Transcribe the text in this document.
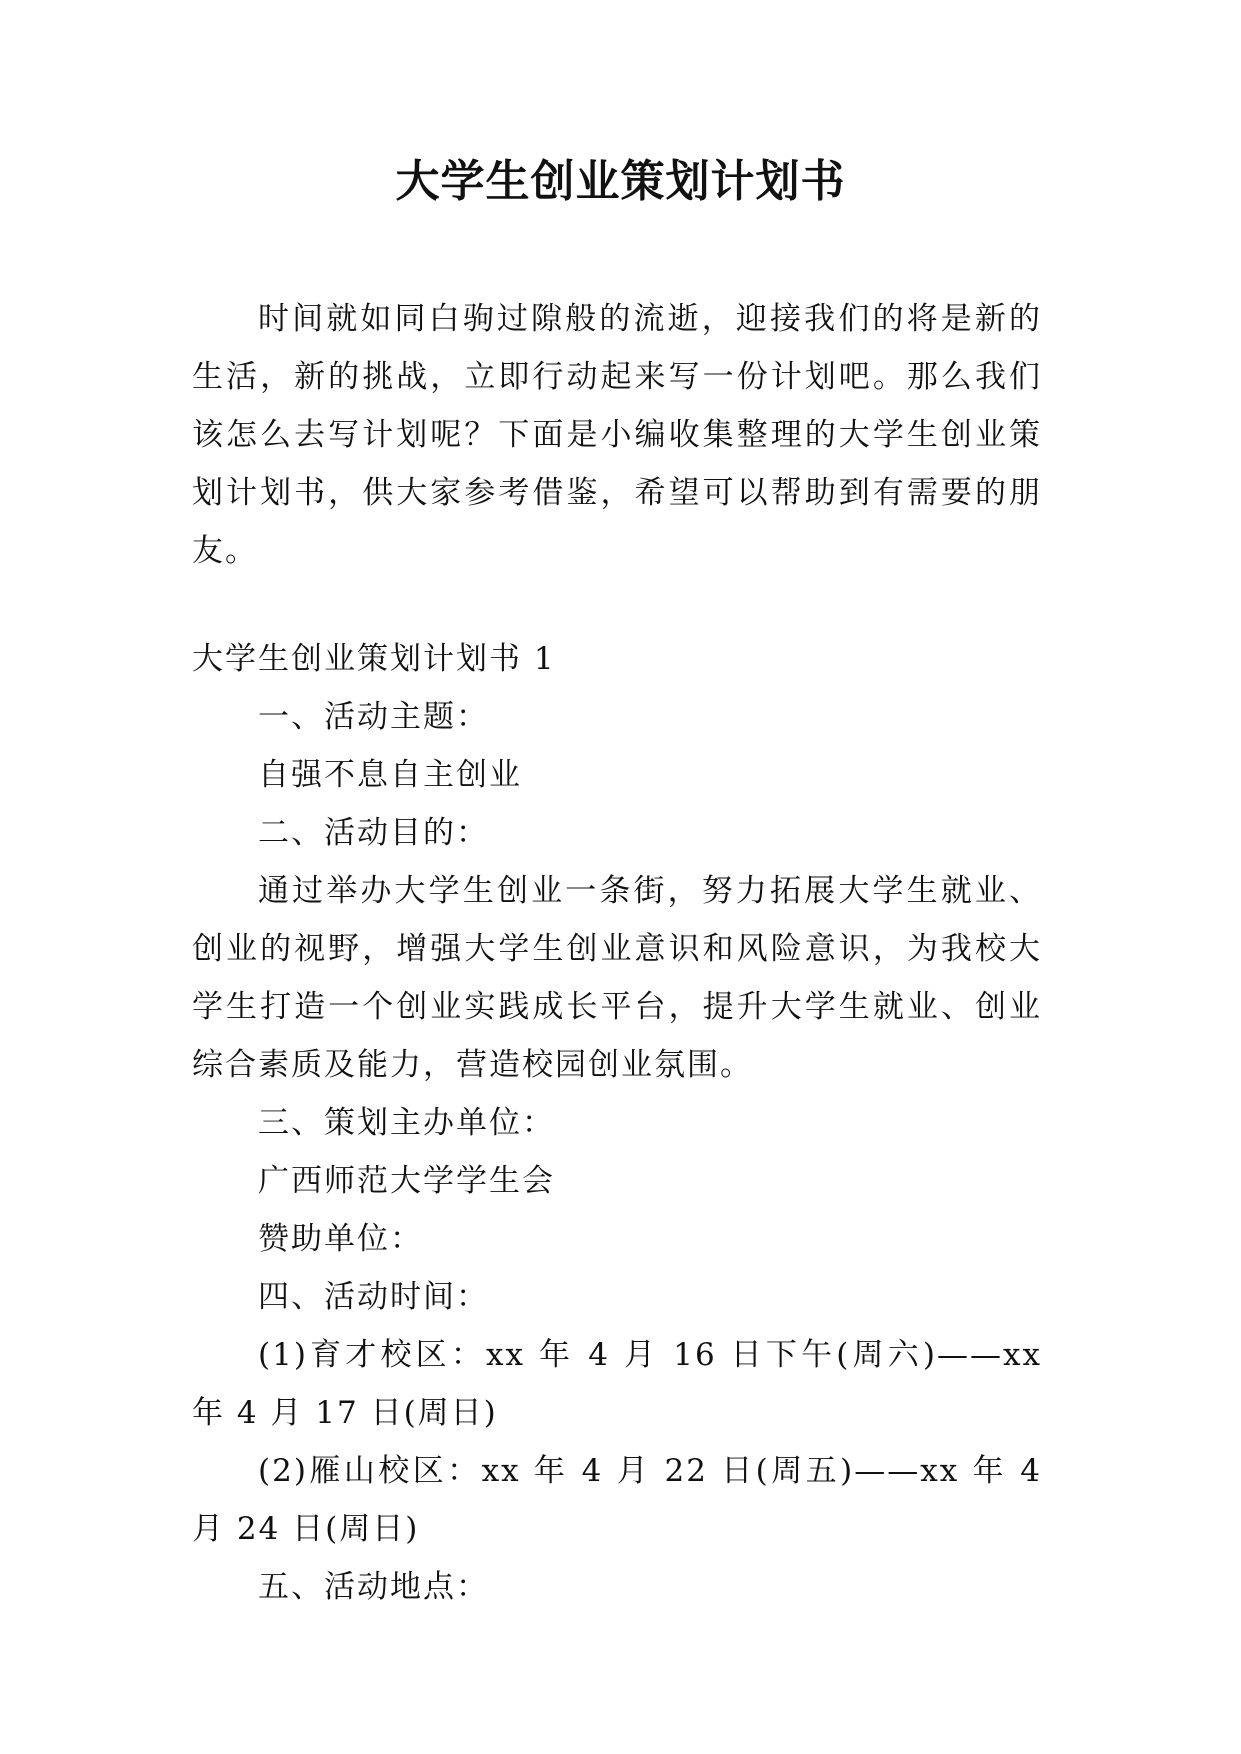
大学生创业策划计划书

时间就如同白驹过隙般的流逝，迎接我们的将是新的生活，新的挑战，立即行动起来写一份计划吧。那么我们该怎么去写计划呢？下面是小编收集整理的大学生创业策划计划书，供大家参考借鉴，希望可以帮助到有需要的朋友。

大学生创业策划计划书 1

一、活动主题：

自强不息自主创业

二、活动目的：

通过举办大学生创业一条街，努力拓展大学生就业、创业的视野，增强大学生创业意识和风险意识，为我校大学生打造一个创业实践成长平台，提升大学生就业、创业综合素质及能力，营造校园创业氛围。

三、策划主办单位：

广西师范大学学生会

赞助单位：

四、活动时间：

(1)育才校区：xx 年 4 月 16 日下午(周六)——xx 年 4 月 17 日(周日)

(2)雁山校区：xx 年 4 月 22 日(周五)——xx 年 4 月 24 日(周日)

五、活动地点：
